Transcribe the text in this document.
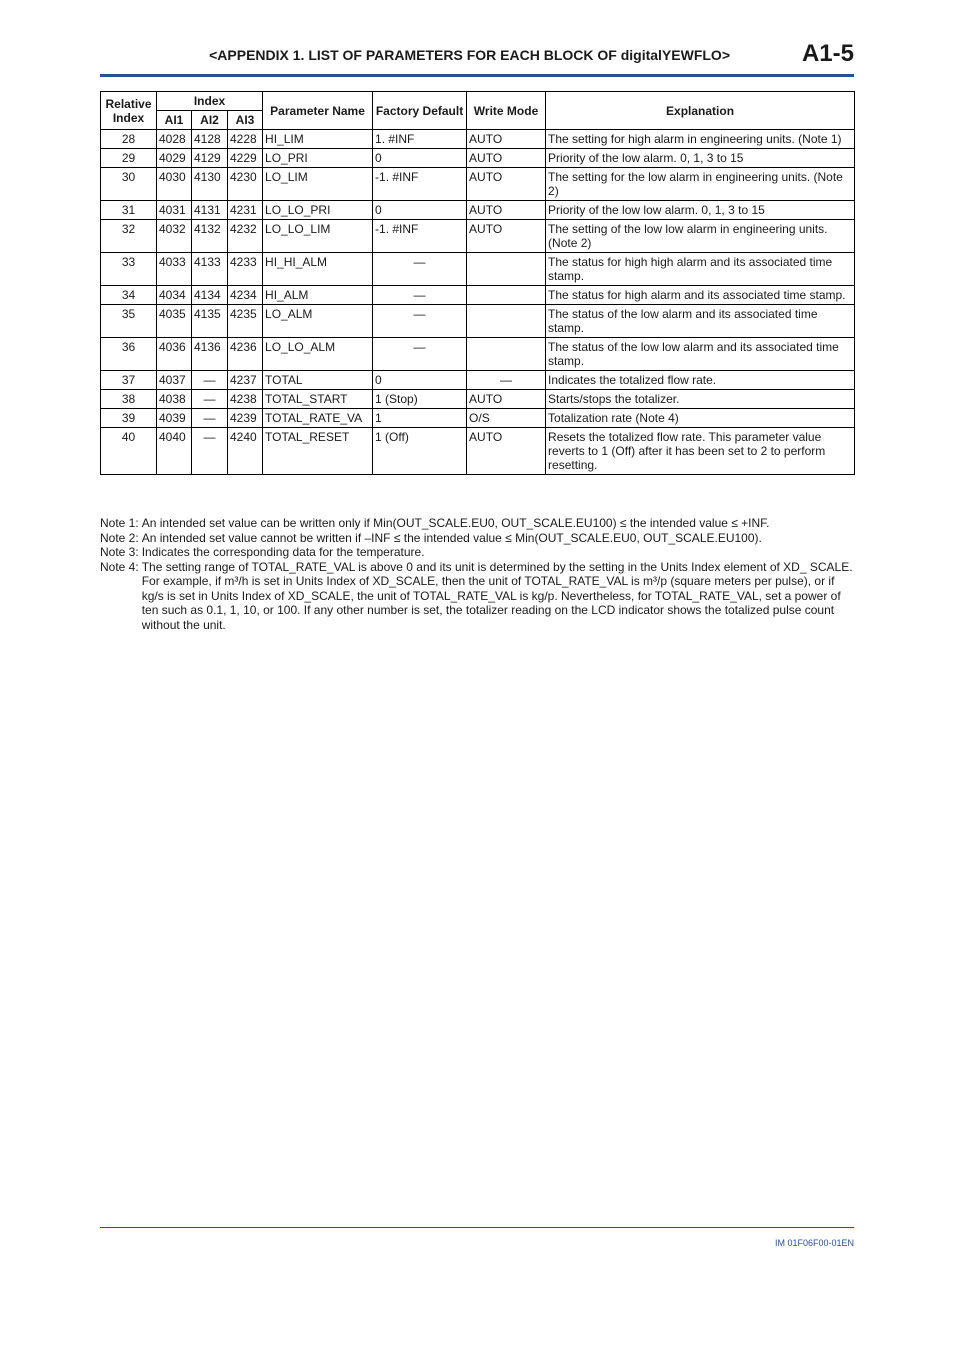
<APPENDIX 1. LIST OF PARAMETERS FOR EACH BLOCK OF digitalYEWFLO>	A1-5
Relative Index	Index			Parameter Name	Factory Default	Write Mode	Explanation
	AI1	AI2	AI3				
28	4028	4128	4228	HI_LIM	1. #INF	AUTO	The setting for high alarm in engineering units. (Note 1)
29	4029	4129	4229	LO_PRI	0	AUTO	Priority of the low alarm. 0, 1, 3 to 15
30	4030	4130	4230	LO_LIM	-1. #INF	AUTO	The setting for the low alarm in engineering units. (Note 2)
31	4031	4131	4231	LO_LO_PRI	0	AUTO	Priority of the low low alarm. 0, 1, 3 to 15
32	4032	4132	4232	LO_LO_LIM	-1. #INF	AUTO	The setting of the low low alarm in engineering units. (Note 2)
33	4033	4133	4233	HI_HI_ALM	—		The status for high high alarm and its associated time stamp.
34	4034	4134	4234	HI_ALM	—		The status for high alarm and its associated time stamp.
35	4035	4135	4235	LO_ALM	—		The status of the low alarm and its associated time stamp.
36	4036	4136	4236	LO_LO_ALM	—		The status of the low low alarm and its associated time stamp.
37	4037	—	4237	TOTAL	0	—	Indicates the totalized flow rate.
38	4038	—	4238	TOTAL_START	1 (Stop)	AUTO	Starts/stops the totalizer.
39	4039	—	4239	TOTAL_RATE_VA	1	O/S	Totalization rate (Note 4)
40	4040	—	4240	TOTAL_RESET	1 (Off)	AUTO	Resets the totalized flow rate. This parameter value reverts to 1 (Off) after it has been set to 2 to perform resetting.
Note 1: An intended set value can be written only if Min(OUT_SCALE.EU0, OUT_SCALE.EU100) ≤ the intended value ≤ +INF.
Note 2: An intended set value cannot be written if –INF ≤ the intended value ≤ Min(OUT_SCALE.EU0, OUT_SCALE.EU100).
Note 3: Indicates the corresponding data for the temperature.
Note 4: The setting range of TOTAL_RATE_VAL is above 0 and its unit is determined by the setting in the Units Index element of XD_ SCALE. For example, if m³/h is set in Units Index of XD_SCALE, then the unit of TOTAL_RATE_VAL is m³/p (square meters per pulse), or if kg/s is set in Units Index of XD_SCALE, the unit of TOTAL_RATE_VAL is kg/p. Nevertheless, for TOTAL_RATE_VAL, set a power of ten such as 0.1, 1, 10, or 100. If any other number is set, the totalizer reading on the LCD indicator shows the totalized pulse count without the unit.
IM 01F06F00-01EN
